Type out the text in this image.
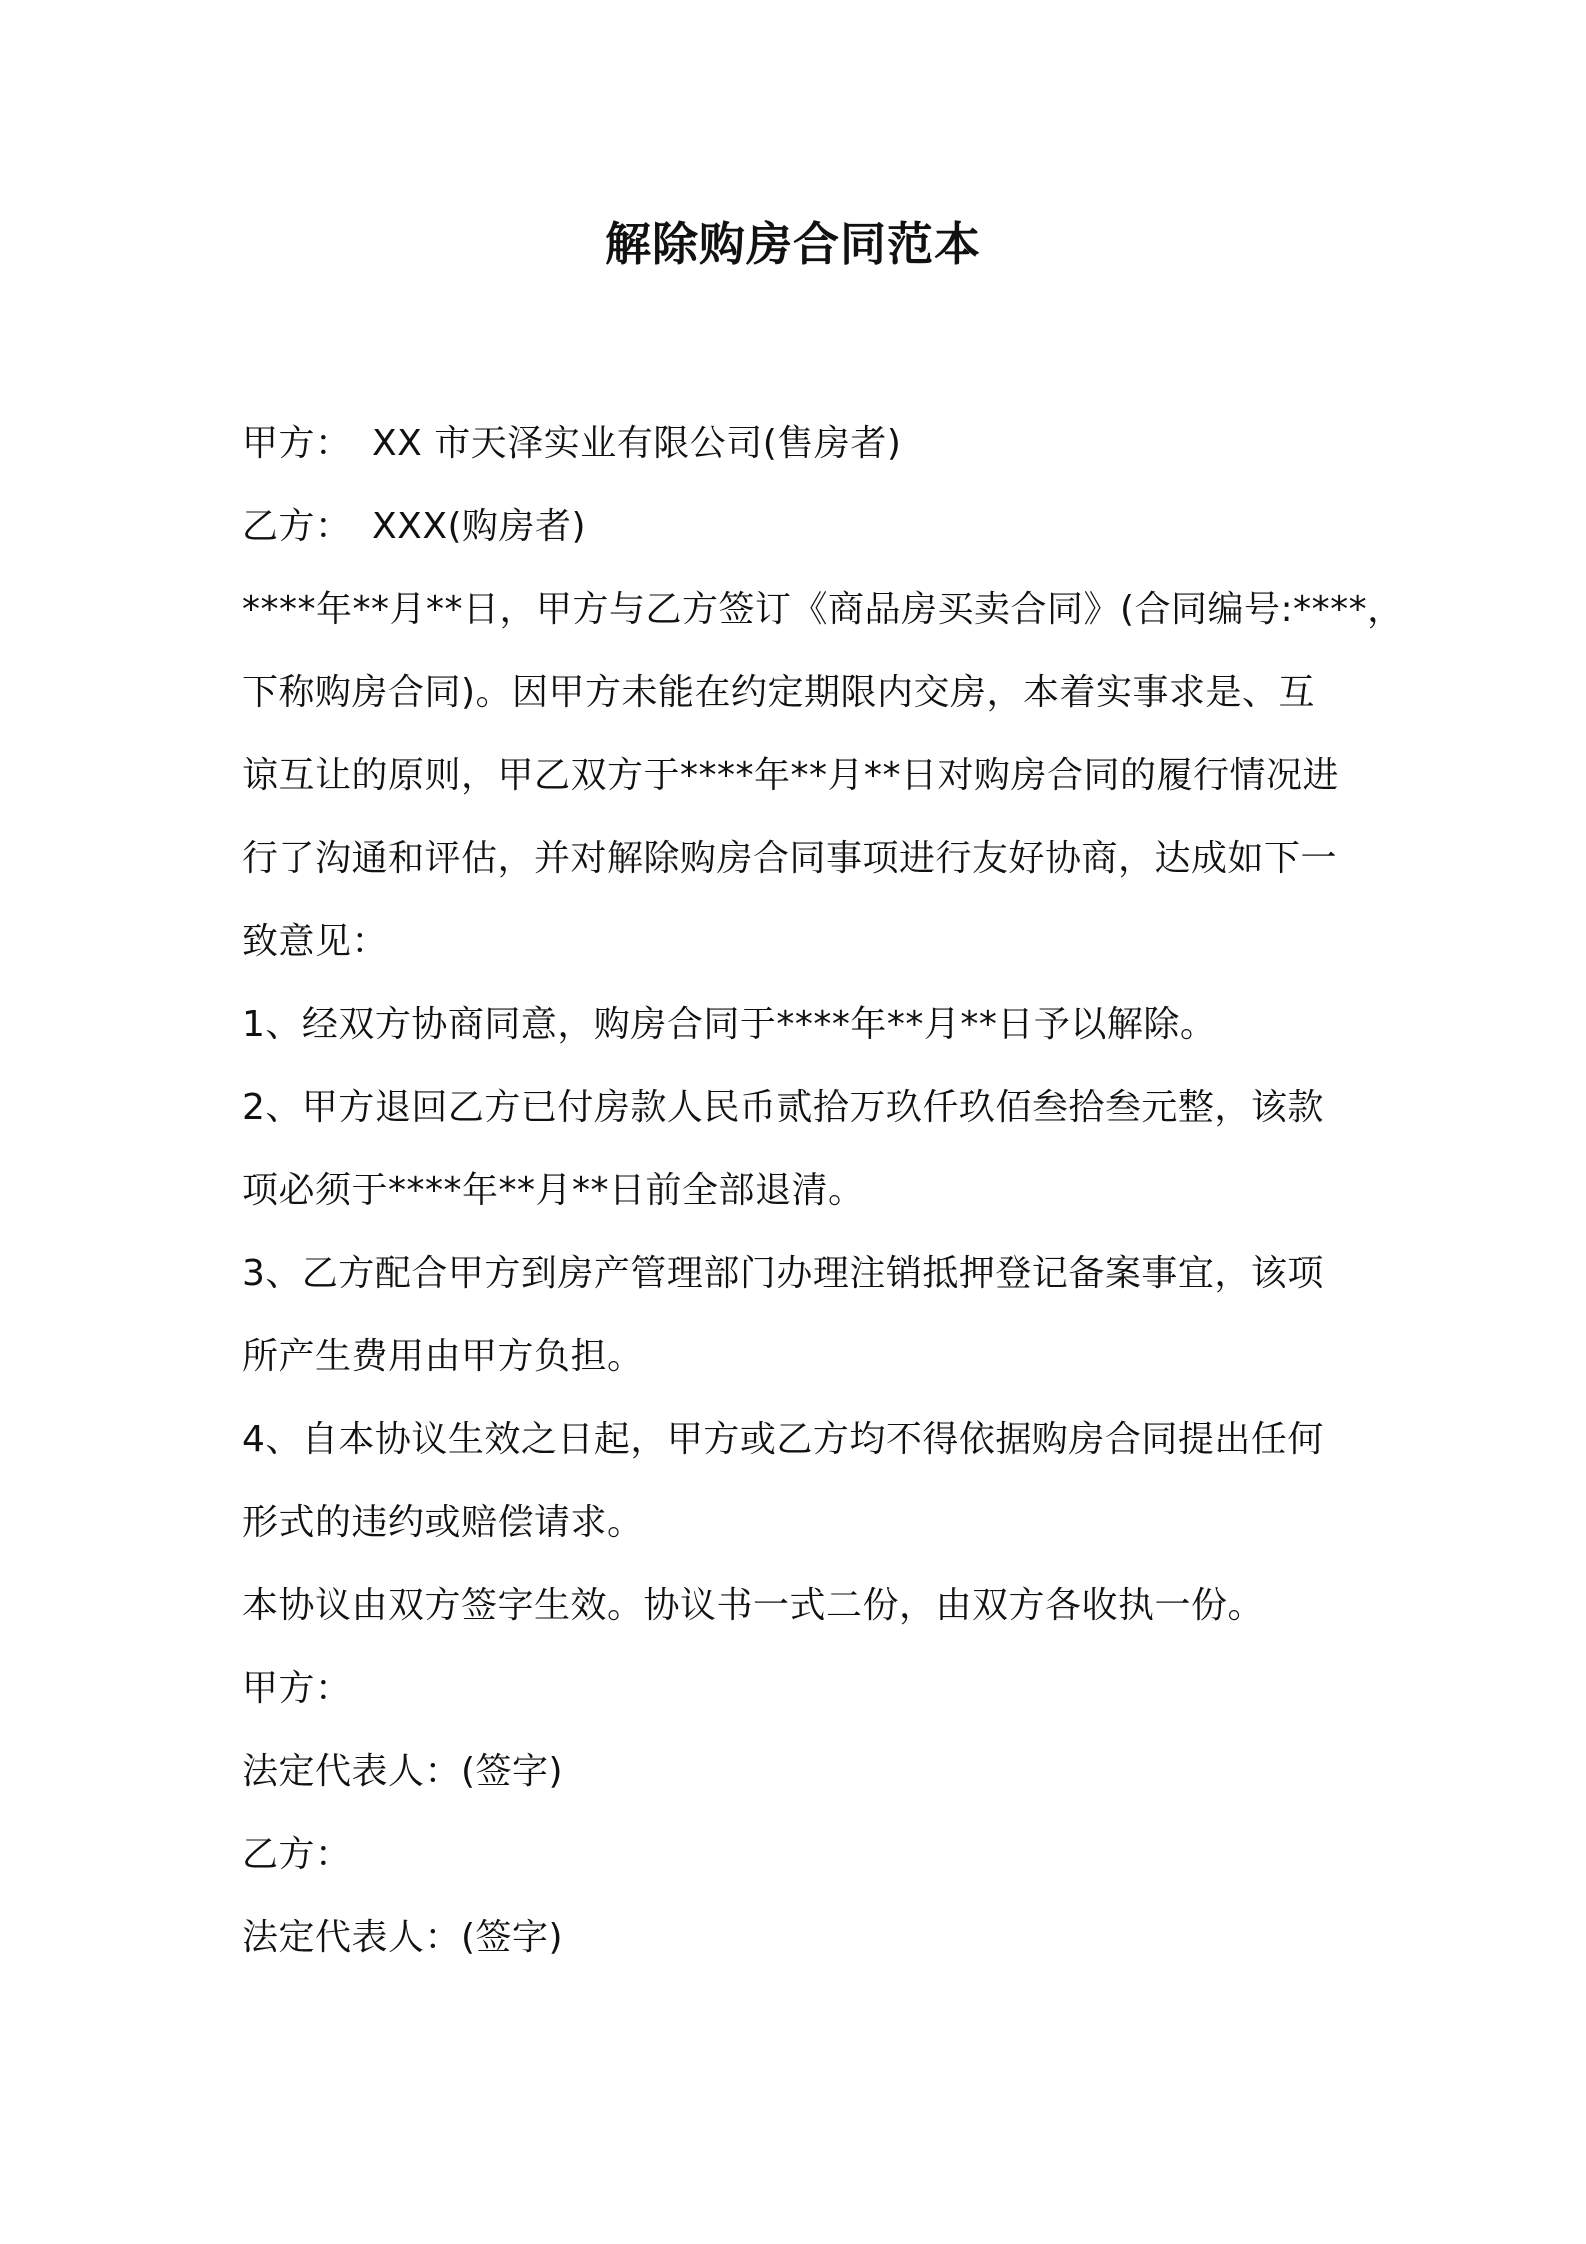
解除购房合同范本
甲方： XX 市天泽实业有限公司(售房者)
乙方： XXX(购房者)
****年**月**日，甲方与乙方签订《商品房买卖合同》(合同编号:****，
下称购房合同)。因甲方未能在约定期限内交房，本着实事求是、互
谅互让的原则，甲乙双方于****年**月**日对购房合同的履行情况进
行了沟通和评估，并对解除购房合同事项进行友好协商，达成如下一
致意见：
1、经双方协商同意，购房合同于****年**月**日予以解除。
2、甲方退回乙方已付房款人民币贰拾万玖仟玖佰叁拾叁元整，该款
项必须于****年**月**日前全部退清。
3、乙方配合甲方到房产管理部门办理注销抵押登记备案事宜，该项
所产生费用由甲方负担。
4、自本协议生效之日起，甲方或乙方均不得依据购房合同提出任何
形式的违约或赔偿请求。
本协议由双方签字生效。协议书一式二份，由双方各收执一份。
甲方：
法定代表人：(签字)
乙方：
法定代表人：(签字)
